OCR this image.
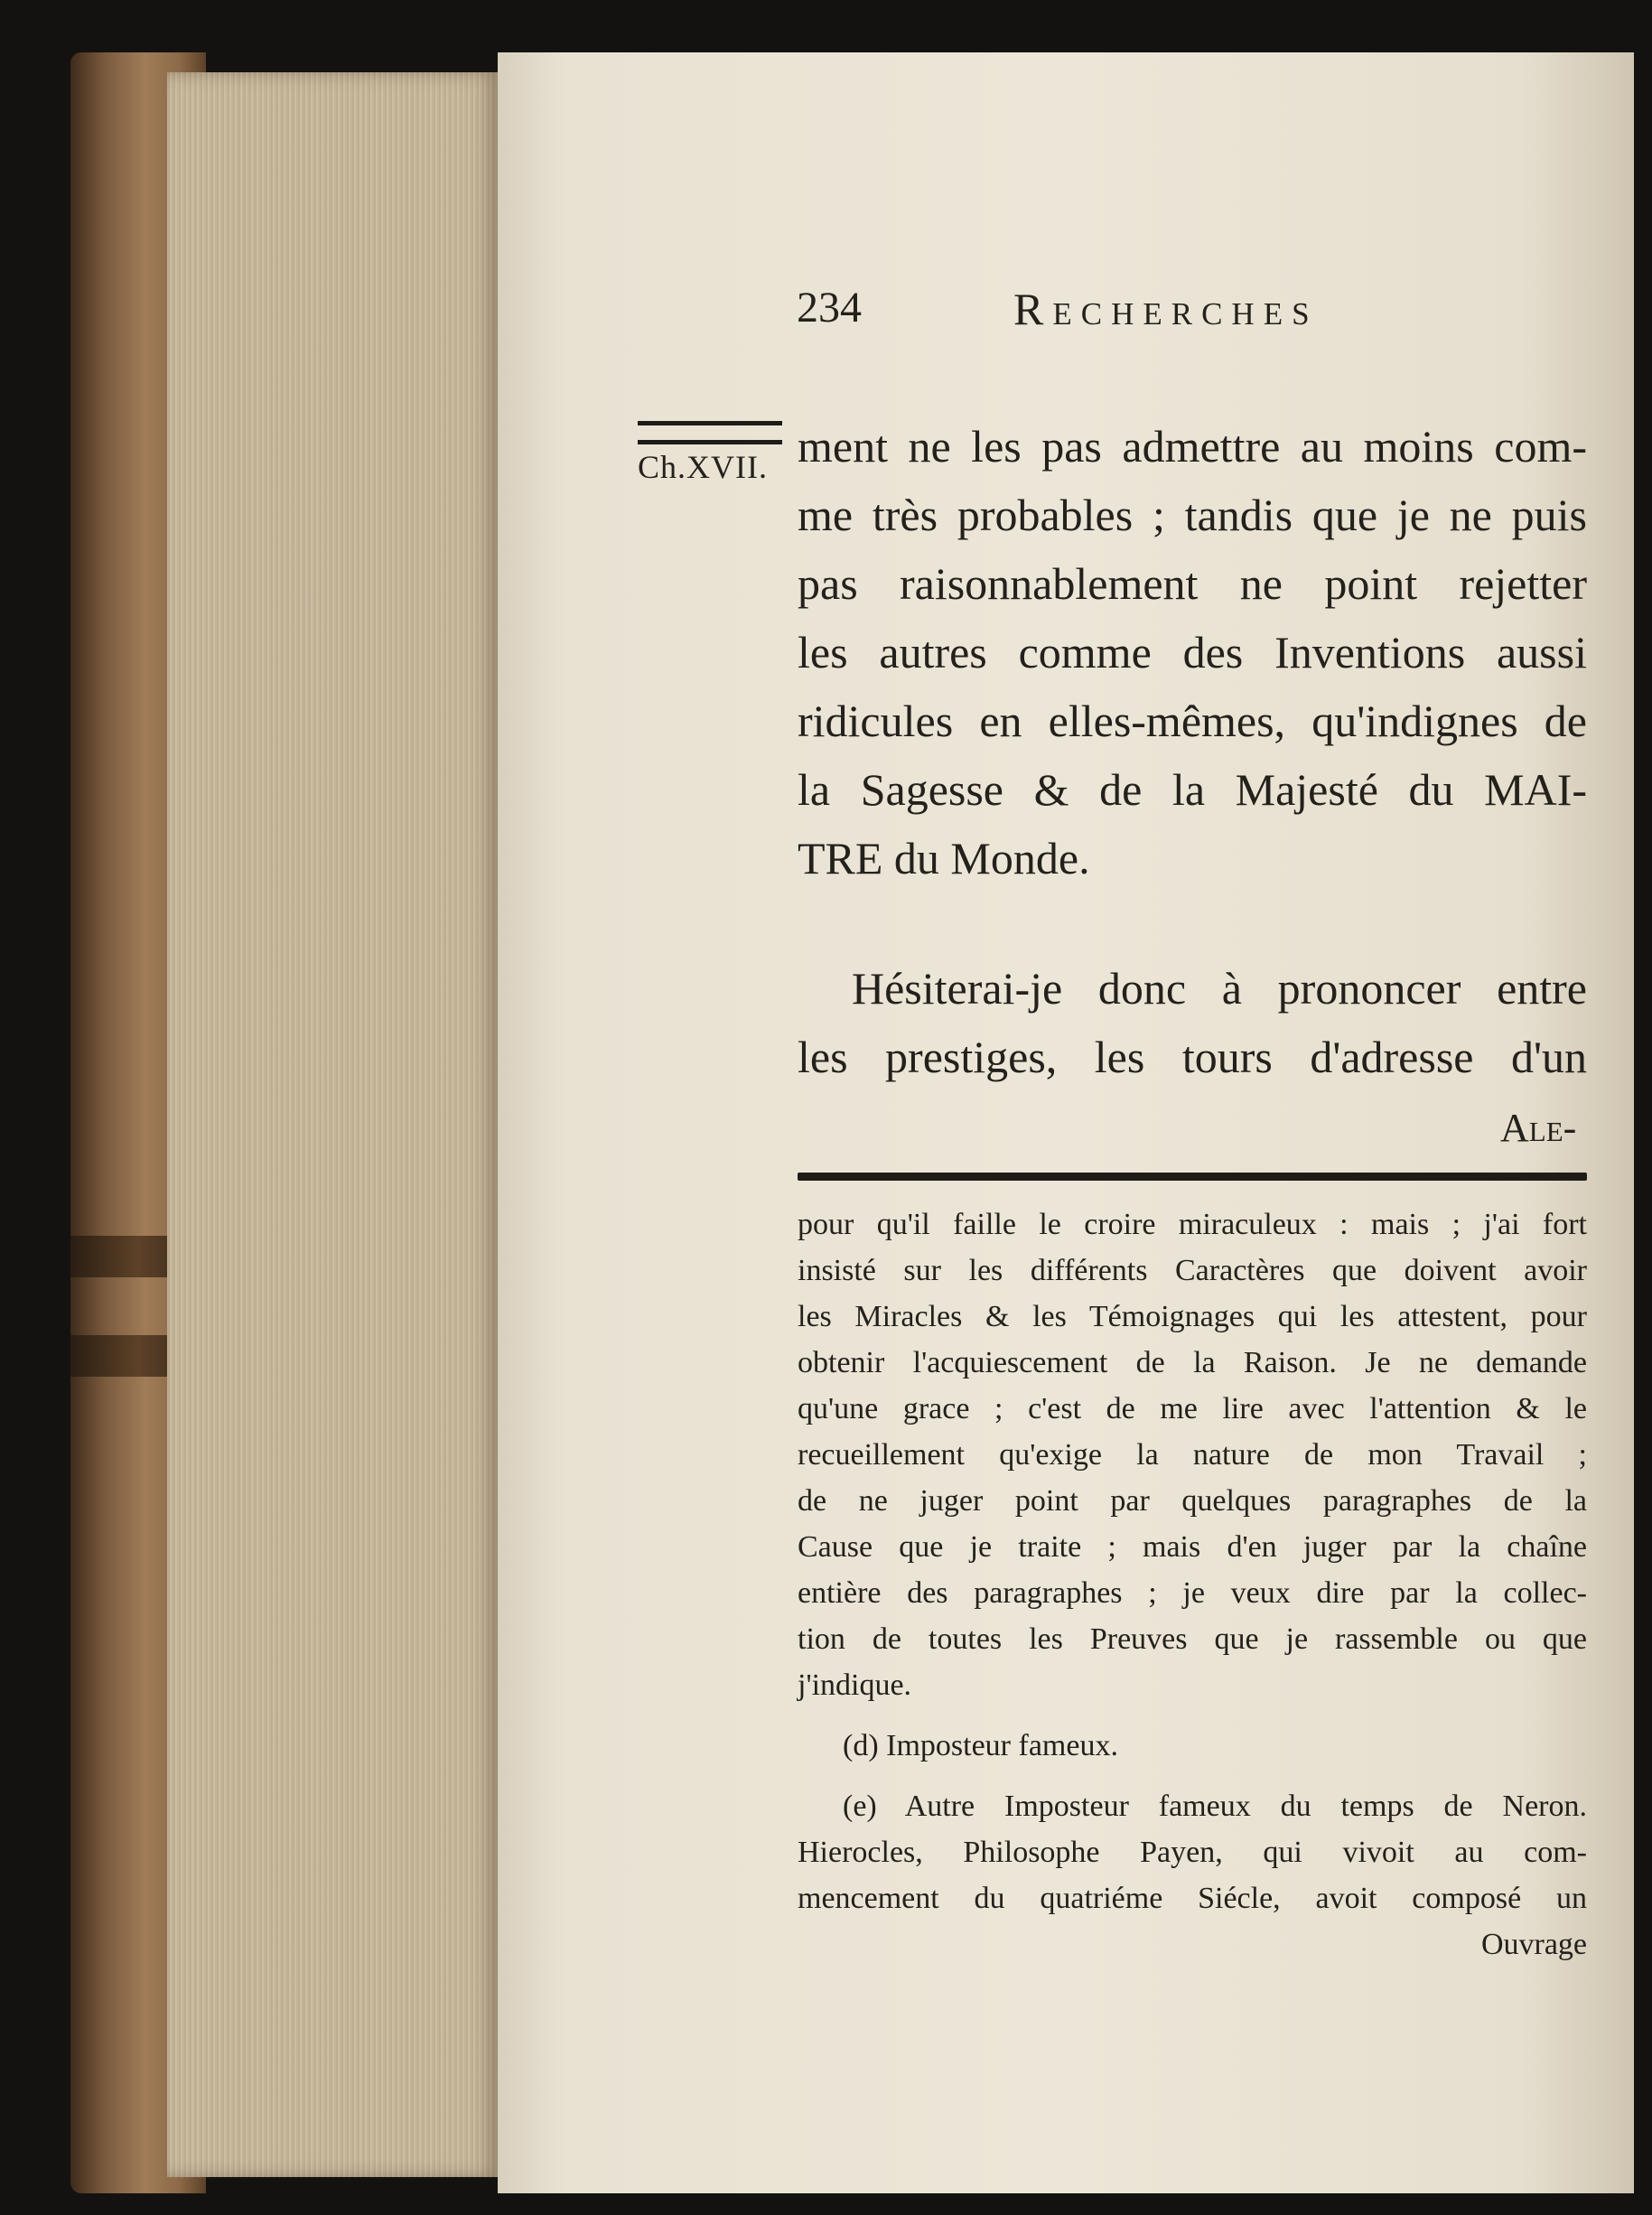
234	Recherches
Ch.XVII. ment ne les pas admettre au moins com-
me très probables ; tandis que je ne puis
pas raisonnablement ne point rejetter
les autres comme des Inventions aussi
ridicules en elles-mêmes, qu'indignes de
la Sagesse & de la Majesté du MAI-
TRE du Monde.
Hésiterai-je donc à prononcer entre
les prestiges, les tours d'adresse d'un
Ale-
pour qu'il faille le croire miraculeux : mais ; j'ai fort
insisté sur les différents Caractères que doivent avoir
les Miracles & les Témoignages qui les attestent, pour
obtenir l'acquiescement de la Raison. Je ne demande
qu'une grace ; c'est de me lire avec l'attention & le
recueillement qu'exige la nature de mon Travail ;
de ne juger point par quelques paragraphes de la
Cause que je traite ; mais d'en juger par la chaîne
entière des paragraphes ; je veux dire par la collec-
tion de toutes les Preuves que je rassemble ou que
j'indique.
(d) Imposteur fameux.
(e) Autre Imposteur fameux du temps de Neron.
Hierocles, Philosophe Payen, qui vivoit au com-
mencement du quatriéme Siécle, avoit composé un
Ouvrage
